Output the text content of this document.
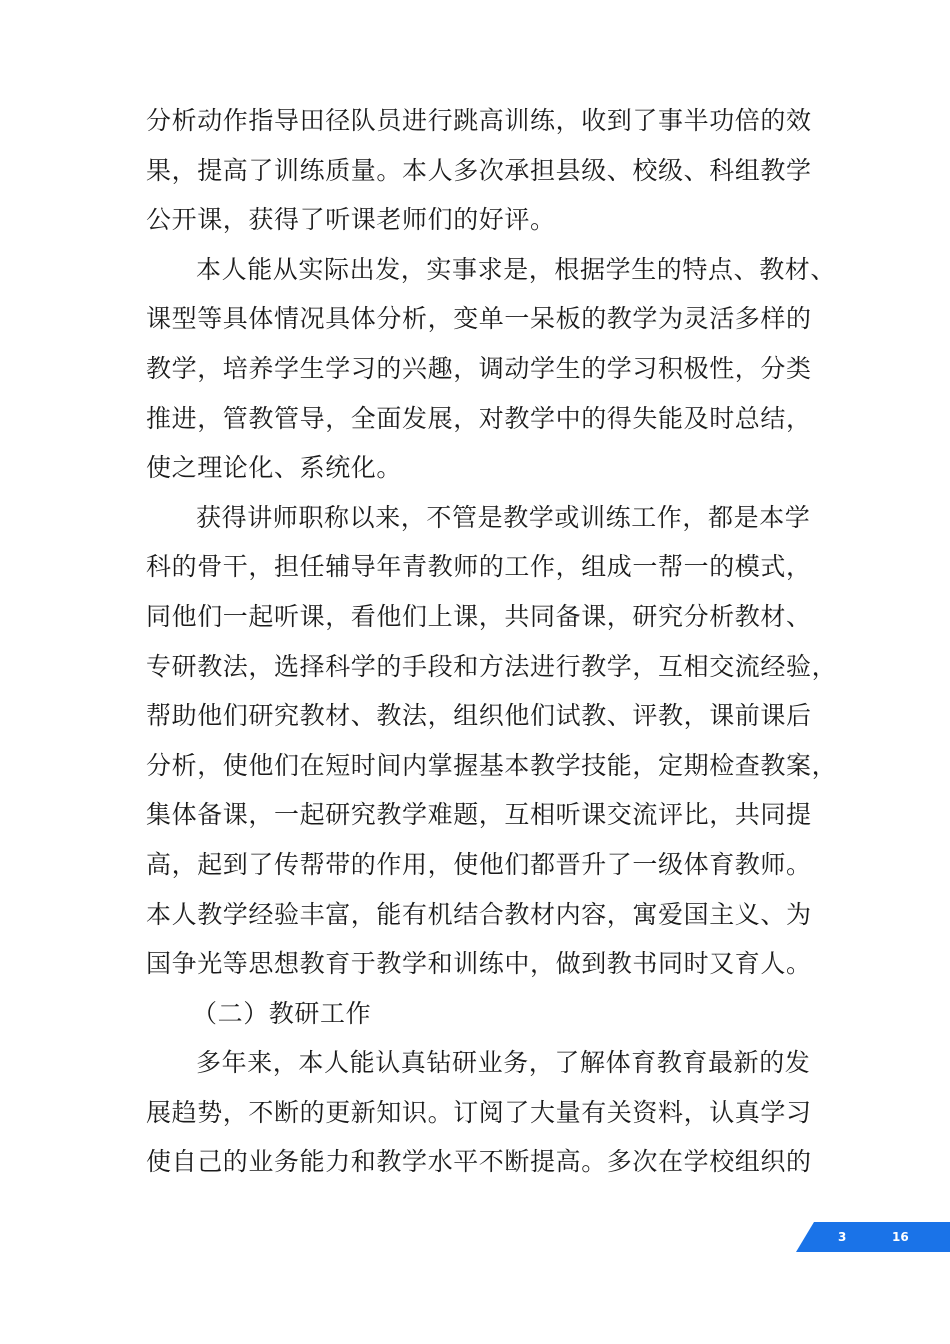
分析动作指导田径队员进行跳高训练，收到了事半功倍的效
果，提高了训练质量。本人多次承担县级、校级、科组教学
公开课，获得了听课老师们的好评。
本人能从实际出发，实事求是，根据学生的特点、教材、
课型等具体情况具体分析，变单一呆板的教学为灵活多样的
教学，培养学生学习的兴趣，调动学生的学习积极性，分类
推进，管教管导，全面发展，对教学中的得失能及时总结，
使之理论化、系统化。
获得讲师职称以来，不管是教学或训练工作，都是本学
科的骨干，担任辅导年青教师的工作，组成一帮一的模式，
同他们一起听课，看他们上课，共同备课，研究分析教材、
专研教法，选择科学的手段和方法进行教学，互相交流经验，
帮助他们研究教材、教法，组织他们试教、评教，课前课后
分析，使他们在短时间内掌握基本教学技能，定期检查教案，
集体备课，一起研究教学难题，互相听课交流评比，共同提
高，起到了传帮带的作用，使他们都晋升了一级体育教师。
本人教学经验丰富，能有机结合教材内容，寓爱国主义、为
国争光等思想教育于教学和训练中，做到教书同时又育人。
（二）教研工作
多年来，本人能认真钻研业务，了解体育教育最新的发
展趋势，不断的更新知识。订阅了大量有关资料，认真学习
使自己的业务能力和教学水平不断提高。多次在学校组织的
3	16
